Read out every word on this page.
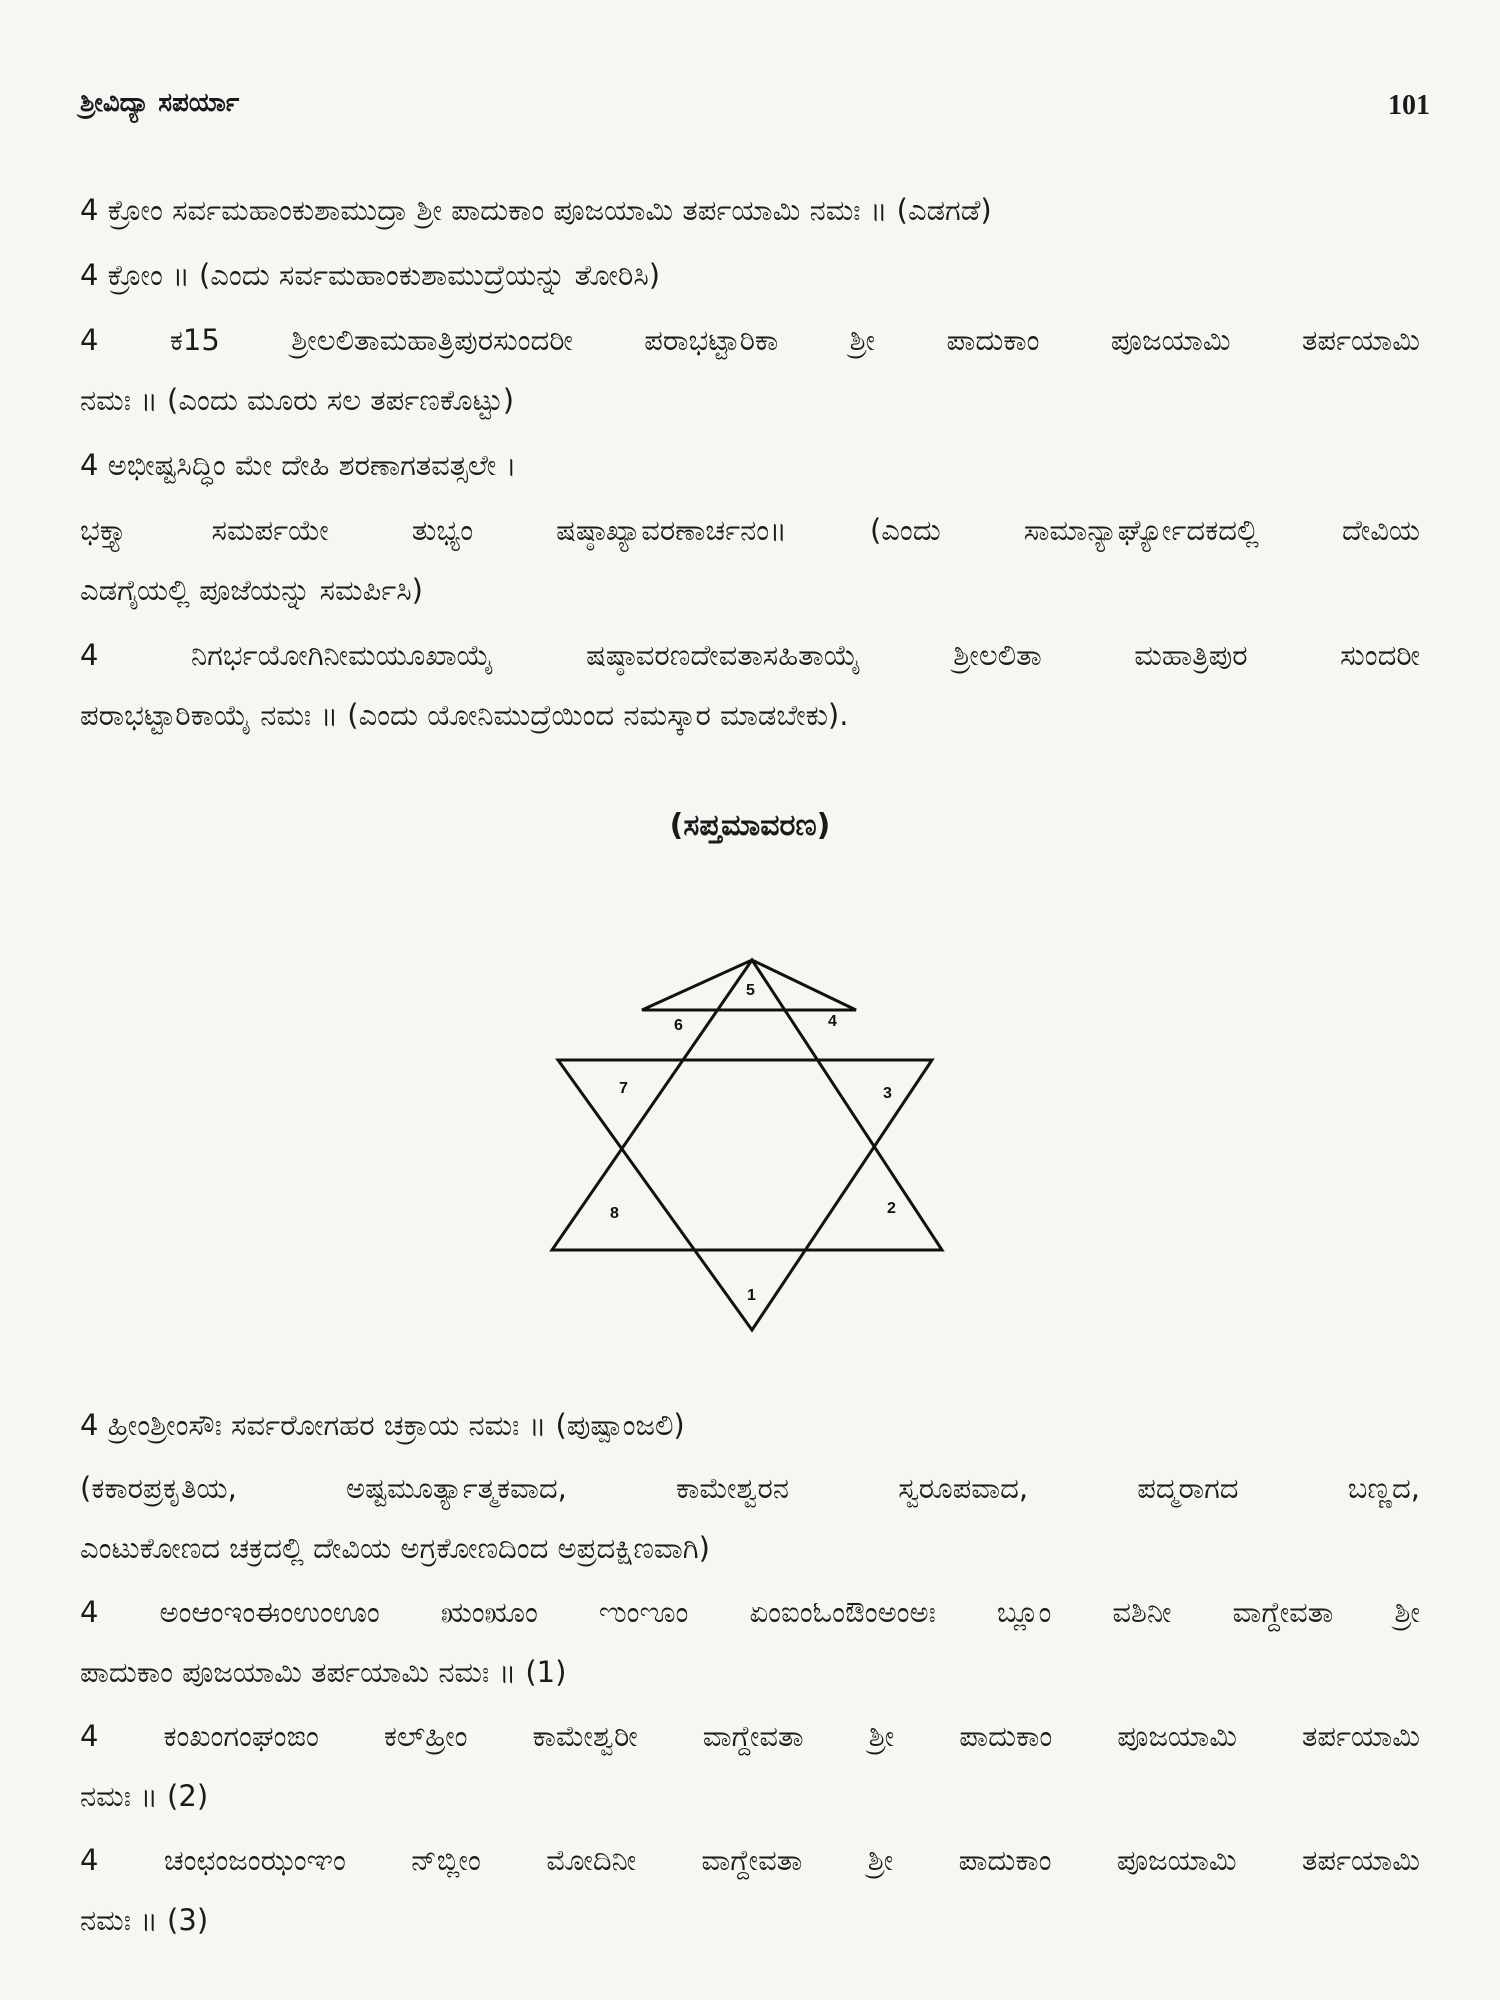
ಶ್ರೀವಿದ್ಯಾ ಸಪರ್ಯಾ	101
4 ಕ್ರೋಂ ಸರ್ವಮಹಾಂಕುಶಾಮುದ್ರಾ ಶ್ರೀ ಪಾದುಕಾಂ ಪೂಜಯಾಮಿ ತರ್ಪಯಾಮಿ ನಮಃ ॥ (ಎಡಗಡೆ)
4 ಕ್ರೋಂ ॥ (ಎಂದು ಸರ್ವಮಹಾಂಕುಶಾಮುದ್ರೆಯನ್ನು ತೋರಿಸಿ)
4 ಕ15 ಶ್ರೀಲಲಿತಾಮಹಾತ್ರಿಪುರಸುಂದರೀ ಪರಾಭಟ್ಟಾರಿಕಾ ಶ್ರೀ ಪಾದುಕಾಂ ಪೂಜಯಾಮಿ ತರ್ಪಯಾಮಿ
ನಮಃ ॥ (ಎಂದು ಮೂರು ಸಲ ತರ್ಪಣಕೊಟ್ಟು)
4 ಅಭೀಷ್ಟಸಿದ್ಧಿಂ ಮೇ ದೇಹಿ ಶರಣಾಗತವತ್ಸಲೇ ।
ಭಕ್ತ್ಯಾ ಸಮರ್ಪಯೇ ತುಭ್ಯಂ ಷಷ್ಠಾಖ್ಯಾವರಣಾರ್ಚನಂ॥ (ಎಂದು ಸಾಮಾನ್ಯಾರ್ಘ್ಯೋದಕದಲ್ಲಿ ದೇವಿಯ
ಎಡಗೈಯಲ್ಲಿ ಪೂಜೆಯನ್ನು ಸಮರ್ಪಿಸಿ)
4 ನಿಗರ್ಭಯೋಗಿನೀಮಯೂಖಾಯೈ ಷಷ್ಠಾವರಣದೇವತಾಸಹಿತಾಯೈ ಶ್ರೀಲಲಿತಾ ಮಹಾತ್ರಿಪುರ ಸುಂದರೀ
ಪರಾಭಟ್ಟಾರಿಕಾಯೈ ನಮಃ ॥ (ಎಂದು ಯೋನಿಮುದ್ರೆಯಿಂದ ನಮಸ್ಕಾರ ಮಾಡಬೇಕು).
(ಸಪ್ತಮಾವರಣ)
1
2
3
4
5
6
7
8
4 ಹ್ರೀಂಶ್ರೀಂಸೌಃ ಸರ್ವರೋಗಹರ ಚಕ್ರಾಯ ನಮಃ ॥ (ಪುಷ್ಪಾಂಜಲಿ)
(ಕಕಾರಪ್ರಕೃತಿಯ, ಅಷ್ಟಮೂರ್ತ್ಯಾತ್ಮಕವಾದ, ಕಾಮೇಶ್ವರನ ಸ್ವರೂಪವಾದ, ಪದ್ಮರಾಗದ ಬಣ್ಣದ,
ಎಂಟುಕೋಣದ ಚಕ್ರದಲ್ಲಿ ದೇವಿಯ ಅಗ್ರಕೋಣದಿಂದ ಅಪ್ರದಕ್ಷಿಣವಾಗಿ)
4 ಅಂಆಂಇಂಈಂಉಂಊಂ ಋಂೠಂ ಌಂೡಂ ಏಂಐಂಓಂಔಂಅಂಅಃ ಬ್ಲೂಂ ವಶಿನೀ ವಾಗ್ದೇವತಾ ಶ್ರೀ
ಪಾದುಕಾಂ ಪೂಜಯಾಮಿ ತರ್ಪಯಾಮಿ ನಮಃ ॥ (1)
4 ಕಂಖಂಗಂಘಂಙಂ ಕಲ್‌ಹ್ರೀಂ ಕಾಮೇಶ್ವರೀ ವಾಗ್ದೇವತಾ ಶ್ರೀ ಪಾದುಕಾಂ ಪೂಜಯಾಮಿ ತರ್ಪಯಾಮಿ
ನಮಃ ॥ (2)
4 ಚಂಛಂಜಂಝಂಞಂ ನ್‌ಬ್ಲೀಂ ಮೋದಿನೀ ವಾಗ್ದೇವತಾ ಶ್ರೀ ಪಾದುಕಾಂ ಪೂಜಯಾಮಿ ತರ್ಪಯಾಮಿ
ನಮಃ ॥ (3)
